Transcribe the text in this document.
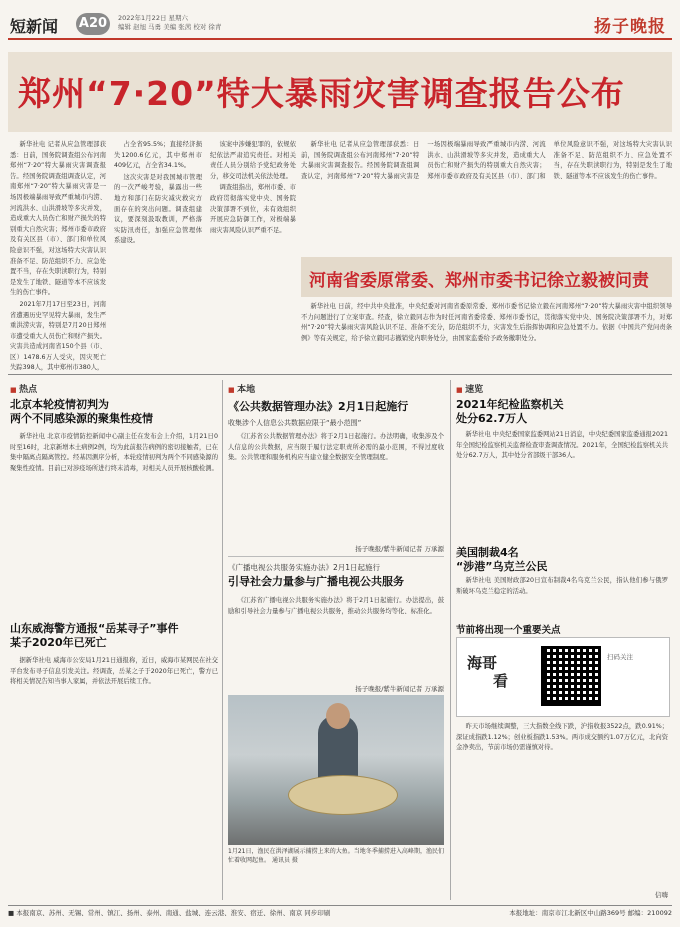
短新闻 A20	2022年1月22日 星期六
编辑 赵旭 马勇 美编 张茜 校对 徐青	扬子晚报
郑州“7·20”特大暴雨灾害调查报告公布

新华社电 记者从应急管理部获悉：日前，国务院调查组公布河南郑州“7·20”特大暴雨灾害调查报告。经国务院调查组调查认定，河南郑州“7·20”特大暴雨灾害是一场因极端暴雨导致严重城市内涝、河流洪水、山洪滑坡等多灾并发，造成重大人员伤亡和财产损失的特别重大自然灾害；郑州市委市政府及有关区县（市）、部门和单位风险意识不强，对这场特大灾害认识准备不足、防范组织不力、应急处置不当，存在失职渎职行为，特别是发生了地铁、隧道等本不应该发生的伤亡事件。

2021年7月17日至23日，河南省遭遇历史罕见特大暴雨，发生严重洪涝灾害，特别是7月20日郑州市遭受重大人员伤亡和财产损失。灾害共造成河南省150个县（市、区）1478.6万人受灾，因灾死亡失踪398人，其中郑州市380人，

占全省95.5%；直接经济损失1200.6亿元，其中郑州市409亿元，占全省34.1%。

这次灾害是对我国城市管理的一次严峻考验，暴露出一些地方和部门在防灾减灾救灾方面存在的突出问题。调查组建议，要深刻汲取教训，严格落实防汛责任，加强应急管理体系建设。

该案中涉嫌犯罪的，依规依纪依法严肃追究责任。对相关责任人员分别给予党纪政务处分，移交司法机关依法处理。

调查组指出，郑州市委、市政府贯彻落实党中央、国务院决策部署不到位，未有效组织开展应急防御工作，对极端暴雨灾害风险认识严重不足。

新华社电 记者从应急管理部获悉：日前，国务院调查组公布河南郑州“7·20”特大暴雨灾害调查报告。经国务院调查组调查认定，河南郑州“7·20”特大暴雨灾害是一场因极端暴雨导致严重城市内涝、河流洪水、山洪滑坡等多灾并发，造成重大人员伤亡和财产损失的特别重大自然灾害；郑州市委市政府及有关区县（市）、部门和单位风险意识不强，对这场特大灾害认识准备不足、防范组织不力、应急处置不当，存在失职渎职行为，特别是发生了地铁、隧道等本不应该发生的伤亡事件。

河南省委原常委、郑州市委书记徐立毅被问责

新华社电 日前，经中共中央批准，中央纪委对河南省委原常委、郑州市委书记徐立毅在河南郑州“7·20”特大暴雨灾害中组织领导不力问题进行了立案审查。经查，徐立毅同志作为时任河南省委常委、郑州市委书记，贯彻落实党中央、国务院决策部署不力，对郑州“7·20”特大暴雨灾害风险认识不足、准备不充分，防范组织不力，灾害发生后指挥协调和应急处置不力。依据《中国共产党问责条例》等有关规定，给予徐立毅同志撤销党内职务处分，由国家监委给予政务撤职处分。

■ 热点
北京本轮疫情初判为
两个不同感染源的聚集性疫情

新华社电 北京市疫情防控新闻中心副主任在发布会上介绍，1月21日0时至16时，北京新增本土病例2例，均为此前报告病例的密切接触者，已在集中隔离点隔离管控。经基因测序分析，本轮疫情初判为两个不同感染源的聚集性疫情。目前已对涉疫场所进行终末消毒，对相关人员开展核酸检测。

山东威海警方通报“岳某寻子”事件
某子2020年已死亡

据新华社电 威海市公安局1月21日通报称，近日，威海市某网民在社交平台发布寻子信息引发关注。经调查，岳某之子于2020年已死亡，警方已将相关情况告知当事人家属，并依法开展后续工作。

■ 本地
《公共数据管理办法》2月1日起施行
收集涉个人信息公共数据应限于“最小范围”

《江苏省公共数据管理办法》将于2月1日起施行。办法明确，收集涉及个人信息的公共数据，应当限于履行法定职责所必需的最小范围，不得过度收集。公共管理和服务机构应当建立健全数据安全管理制度。

扬子晚报/紫牛新闻记者 万承源
《广播电视公共服务实施办法》2月1日起施行
引导社会力量参与广播电视公共服务

《江苏省广播电视公共服务实施办法》将于2月1日起施行。办法提出，鼓励和引导社会力量参与广播电视公共服务，推动公共服务均等化、标准化。

扬子晚报/紫牛新闻记者 万承源
1月21日，渔民在洪泽湖展示捕捞上来的大鱼。当地冬季捕捞进入高峰期，渔民们忙着收网起鱼。 通讯员 摄
■ 速览
2021年纪检监察机关
处分62.7万人

新华社电 中央纪委国家监委网站21日消息，中央纪委国家监委通报2021年全国纪检监察机关监督检查审查调查情况。2021年，全国纪检监察机关共处分62.7万人，其中处分省部级干部36人。

美国制裁4名
“涉港”乌克兰公民

新华社电 美国财政部20日宣布制裁4名乌克兰公民，指认他们参与俄罗斯破坏乌克兰稳定的活动。

节前将出现一个重要关点
海哥
看
扫码关注

昨天市场继续调整，三大指数全线下跌，沪指收报3522点，跌0.91%；深证成指跌1.12%；创业板指跌1.53%。两市成交额约1.07万亿元，北向资金净卖出，节前市场仍需谨慎对待。

信嗨
■ 本报南京、苏州、无锡、常州、镇江、扬州、泰州、南通、盐城、连云港、淮安、宿迁、徐州、南京 同步印刷	本报地址：南京市江北新区中山路369号 邮编：210092
